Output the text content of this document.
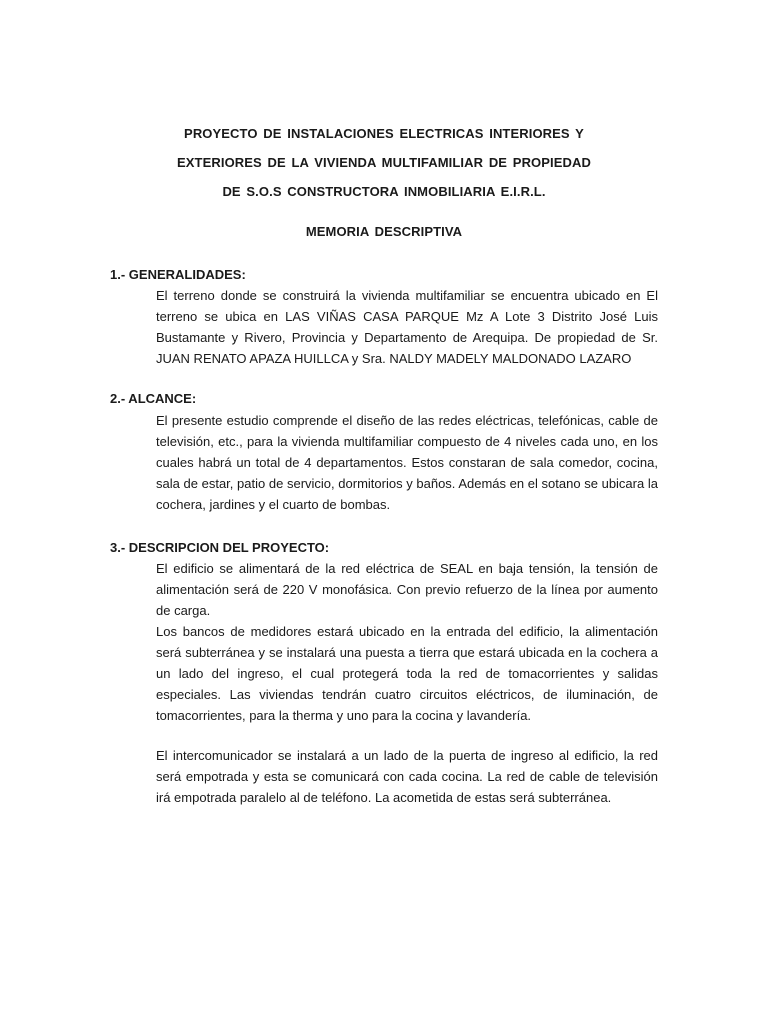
PROYECTO DE INSTALACIONES ELECTRICAS INTERIORES Y
EXTERIORES DE LA VIVIENDA MULTIFAMILIAR DE PROPIEDAD
DE S.O.S CONSTRUCTORA INMOBILIARIA E.I.R.L.
MEMORIA DESCRIPTIVA
1.- GENERALIDADES:

El terreno donde se construirá la vivienda multifamiliar se encuentra ubicado en El terreno se ubica en LAS VIÑAS CASA PARQUE Mz A Lote 3 Distrito José Luis Bustamante y Rivero, Provincia y Departamento de Arequipa. De propiedad de Sr. JUAN RENATO APAZA HUILLCA y Sra. NALDY MADELY MALDONADO LAZARO

2.- ALCANCE:

El presente estudio comprende el diseño de las redes eléctricas, telefónicas, cable de televisión, etc., para la vivienda multifamiliar compuesto de 4 niveles cada uno, en los cuales habrá un total de 4 departamentos. Estos constaran de sala comedor, cocina, sala de estar, patio de servicio, dormitorios y baños. Además en el sotano se ubicara la cochera, jardines y el cuarto de bombas.

3.- DESCRIPCION DEL PROYECTO:

El edificio se alimentará de la red eléctrica de SEAL en baja tensión, la tensión de alimentación será de 220 V monofásica. Con previo refuerzo de la línea por aumento de carga.

Los bancos de medidores estará ubicado en la entrada del edificio, la alimentación será subterránea y se instalará una puesta a tierra que estará ubicada en la cochera a un lado del ingreso, el cual protegerá toda la red de tomacorrientes y salidas especiales. Las viviendas tendrán cuatro circuitos eléctricos, de iluminación, de tomacorrientes, para la therma y uno para la cocina y lavandería.

El intercomunicador se instalará a un lado de la puerta de ingreso al edificio, la red será empotrada y esta se comunicará con cada cocina. La red de cable de televisión irá empotrada paralelo al de teléfono. La acometida de estas será subterránea.
